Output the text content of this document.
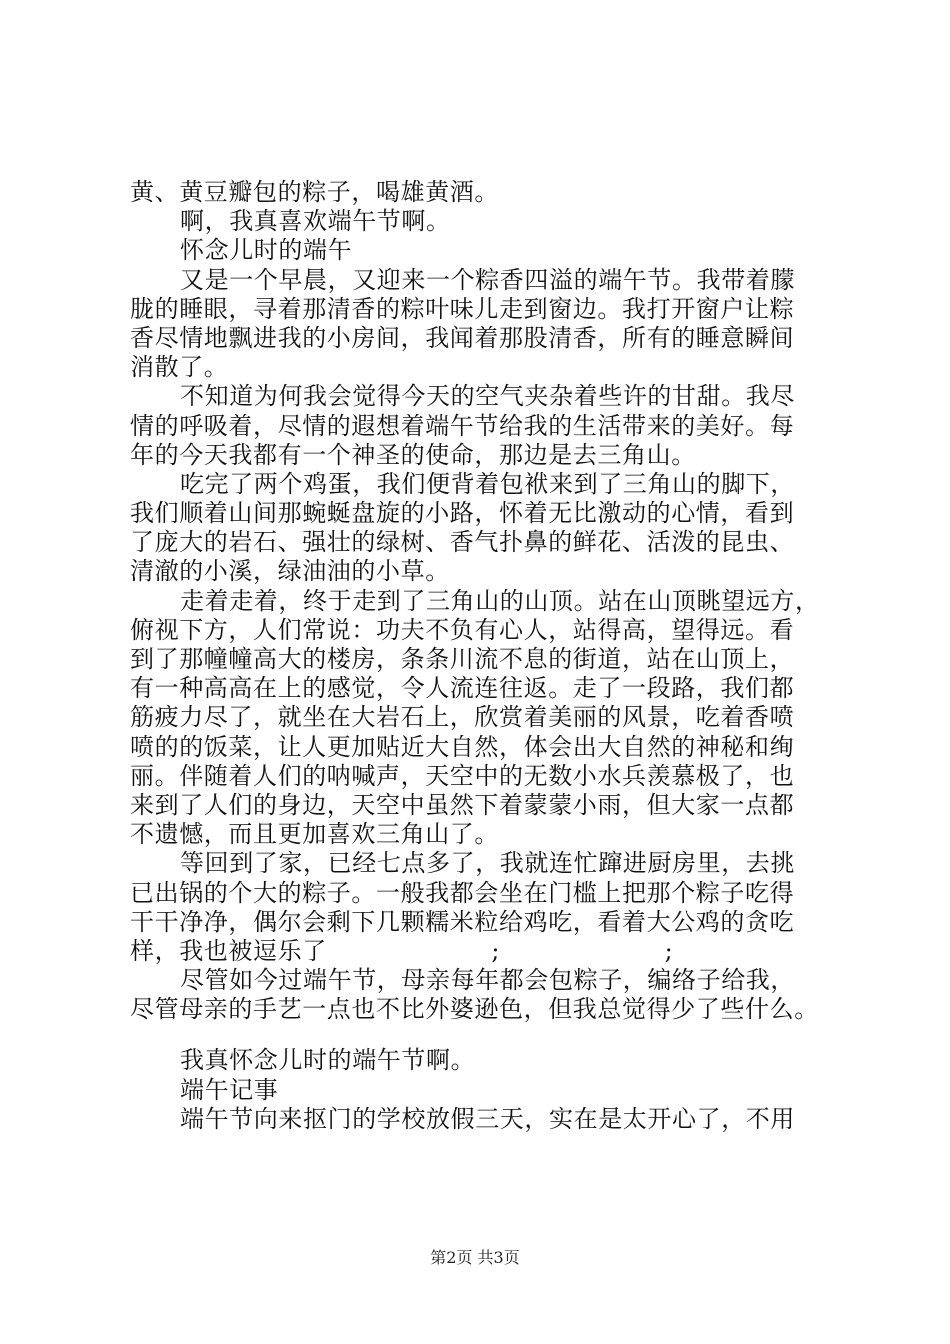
黄、黄豆瓣包的粽子，喝雄黄酒。
啊，我真喜欢端午节啊。
怀念儿时的端午
又是一个早晨，又迎来一个粽香四溢的端午节。我带着朦
胧的睡眼，寻着那清香的粽叶味儿走到窗边。我打开窗户让粽
香尽情地飘进我的小房间，我闻着那股清香，所有的睡意瞬间
消散了。
不知道为何我会觉得今天的空气夹杂着些许的甘甜。我尽
情的呼吸着，尽情的遐想着端午节给我的生活带来的美好。每
年的今天我都有一个神圣的使命，那边是去三角山。
吃完了两个鸡蛋，我们便背着包袱来到了三角山的脚下，
我们顺着山间那蜿蜒盘旋的小路，怀着无比激动的心情，看到
了庞大的岩石、强壮的绿树、香气扑鼻的鲜花、活泼的昆虫、
清澈的小溪，绿油油的小草。
走着走着，终于走到了三角山的山顶。站在山顶眺望远方，
俯视下方，人们常说：功夫不负有心人，站得高，望得远。看
到了那幢幢高大的楼房，条条川流不息的街道，站在山顶上，
有一种高高在上的感觉，令人流连往返。走了一段路，我们都
筋疲力尽了，就坐在大岩石上，欣赏着美丽的风景，吃着香喷
喷的的饭菜，让人更加贴近大自然，体会出大自然的神秘和绚
丽。伴随着人们的呐喊声，天空中的无数小水兵羡慕极了，也
来到了人们的身边，天空中虽然下着蒙蒙小雨，但大家一点都
不遗憾，而且更加喜欢三角山了。
等回到了家，已经七点多了，我就连忙蹿进厨房里，去挑
已出锅的个大的粽子。一般我都会坐在门槛上把那个粽子吃得
干干净净，偶尔会剩下几颗糯米粒给鸡吃，看着大公鸡的贪吃
样，我也被逗乐了                    ;                    ;
尽管如今过端午节，母亲每年都会包粽子，编络子给我，
尽管母亲的手艺一点也不比外婆逊色，但我总觉得少了些什么。
我真怀念儿时的端午节啊。
端午记事
端午节向来抠门的学校放假三天，实在是太开心了，不用
第2页 共3页
